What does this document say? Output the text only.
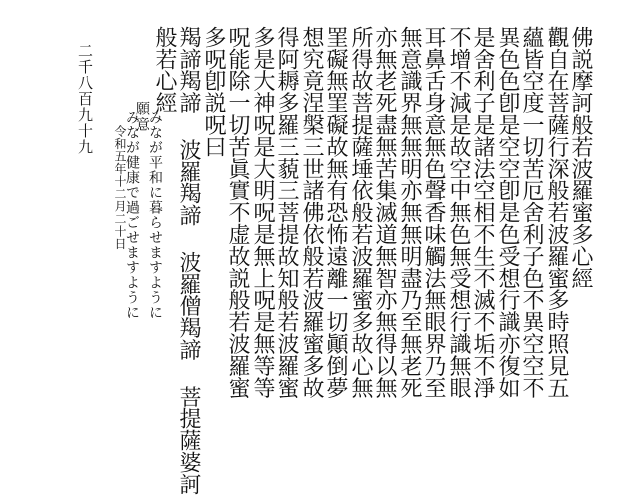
佛説摩訶般若波羅蜜多心經
觀自在菩薩行深般若波羅蜜多時照見五
蘊皆空度一切苦厄舍利子色不異空空不
異色色卽是空空卽是色受想行識亦復如
是舍利子是諸法空相不生不滅不垢不淨
不增不減是故空中無色無受想行識無眼
耳鼻舌身意無色聲香味觸法無眼界乃至
無意識界無無明亦無無明盡乃至無老死
亦無老死盡無苦集滅道無智亦無得以無
所得故菩提薩埵依般若波羅蜜多故心無
罣礙無罣礙故無有恐怖遠離一切顚倒夢
想究竟涅槃三世諸佛依般若波羅蜜多故
得阿耨多羅三藐三菩提故知般若波羅蜜
多是大神呪是大明呪是無上呪是無等等
呪能除一切苦眞實不虚故説般若波羅蜜
多呪卽説呪曰
羯諦羯諦 波羅羯諦 波羅僧羯諦 菩提薩婆訶
般若心經
みなが平和に暮らせますように
願意
みなが健康で過ごせますように
令和五年十二月二十日
二千八百九十九
